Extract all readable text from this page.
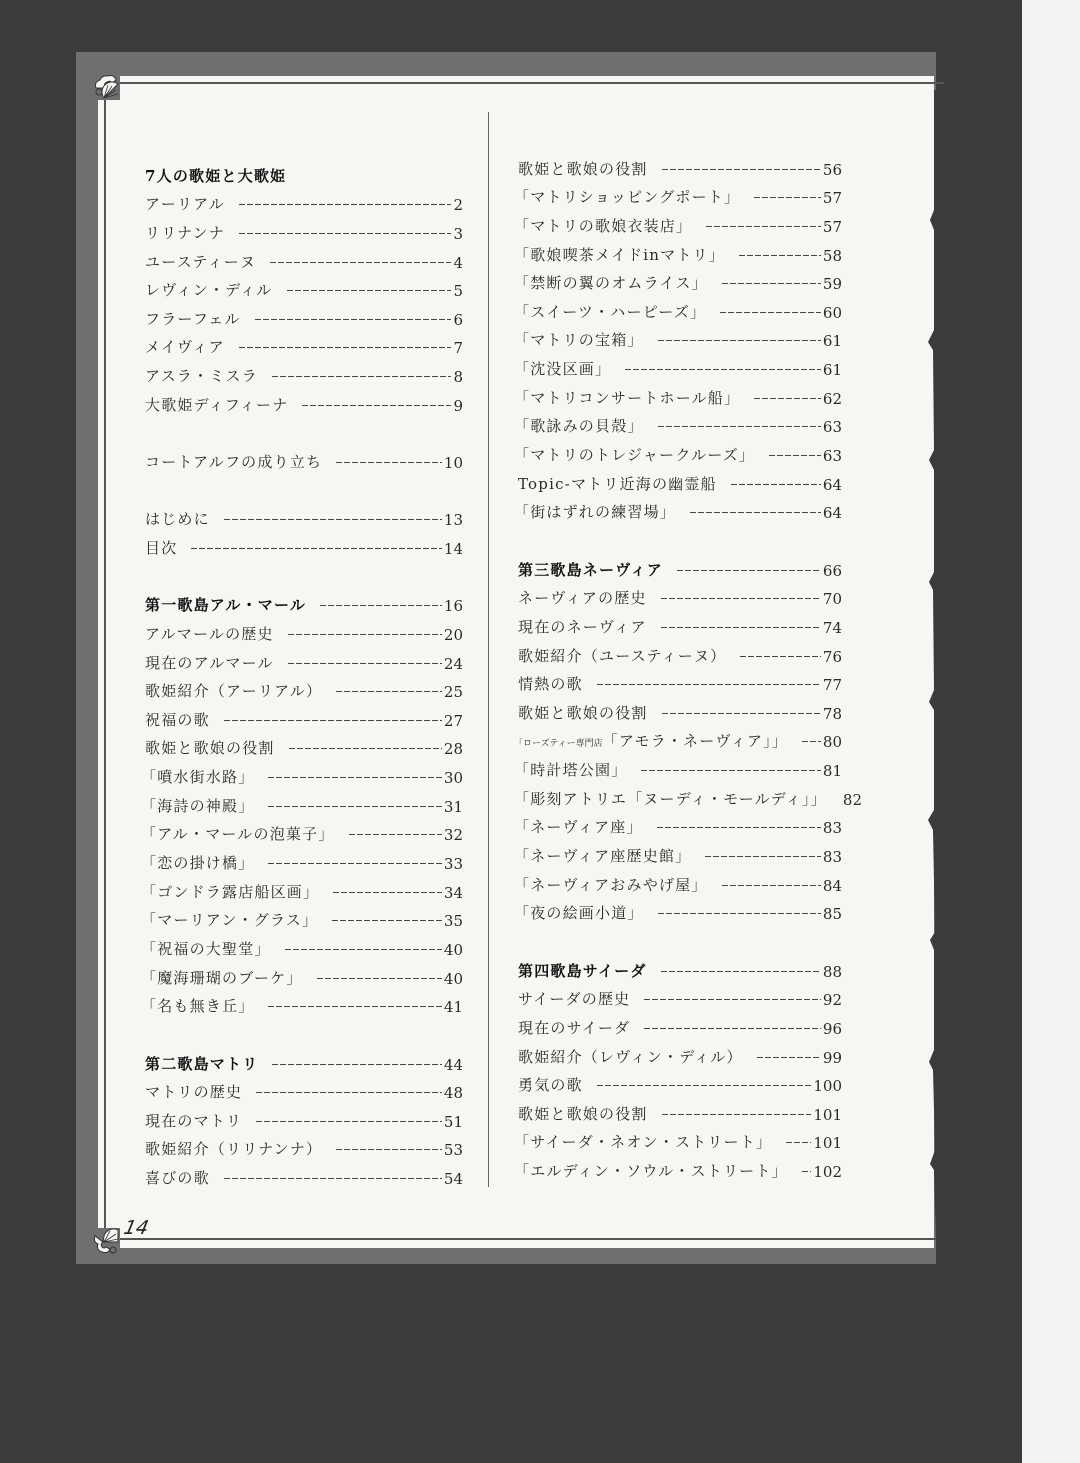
7人の歌姫と大歌姫
アーリアル	2
リリナンナ	3
ユースティーヌ	4
レヴィン・ディル	5
フラーフェル	6
メイヴィア	7
アスラ・ミスラ	8
大歌姫ディフィーナ	9
コートアルフの成り立ち	10
はじめに	13
目次	14
第一歌島アル・マール	16
アルマールの歴史	20
現在のアルマール	24
歌姫紹介（アーリアル）	25
祝福の歌	27
歌姫と歌娘の役割	28
「噴水街水路」	30
「海詩の神殿」	31
「アル・マールの泡菓子」	32
「恋の掛け橋」	33
「ゴンドラ露店船区画」	34
「マーリアン・グラス」	35
「祝福の大聖堂」	40
「魔海珊瑚のブーケ」	40
「名も無き丘」	41
第二歌島マトリ	44
マトリの歴史	48
現在のマトリ	51
歌姫紹介（リリナンナ）	53
喜びの歌	54
歌姫と歌娘の役割	56
「マトリショッピングポート」	57
「マトリの歌娘衣装店」	57
「歌娘喫茶メイドinマトリ」	58
「禁断の翼のオムライス」	59
「スイーツ・ハーピーズ」	60
「マトリの宝箱」	61
「沈没区画」	61
「マトリコンサートホール船」	62
「歌詠みの貝殻」	63
「マトリのトレジャークルーズ」	63
Topic-マトリ近海の幽霊船	64
「街はずれの練習場」	64
第三歌島ネーヴィア	66
ネーヴィアの歴史	70
現在のネーヴィア	74
歌姫紹介（ユースティーヌ）	76
情熱の歌	77
歌姫と歌娘の役割	78
「ローズティー専門店「アモラ・ネーヴィア」」 80
「時計塔公園」	81
「彫刻アトリエ「ヌーディ・モールディ」」 82
「ネーヴィア座」	83
「ネーヴィア座歴史館」	83
「ネーヴィアおみやげ屋」	84
「夜の絵画小道」	85
第四歌島サイーダ	88
サイーダの歴史	92
現在のサイーダ	96
歌姫紹介（レヴィン・ディル）	99
勇気の歌	100
歌姫と歌娘の役割	101
「サイーダ・ネオン・ストリート」	101
「エルディン・ソウル・ストリート」 102
14
